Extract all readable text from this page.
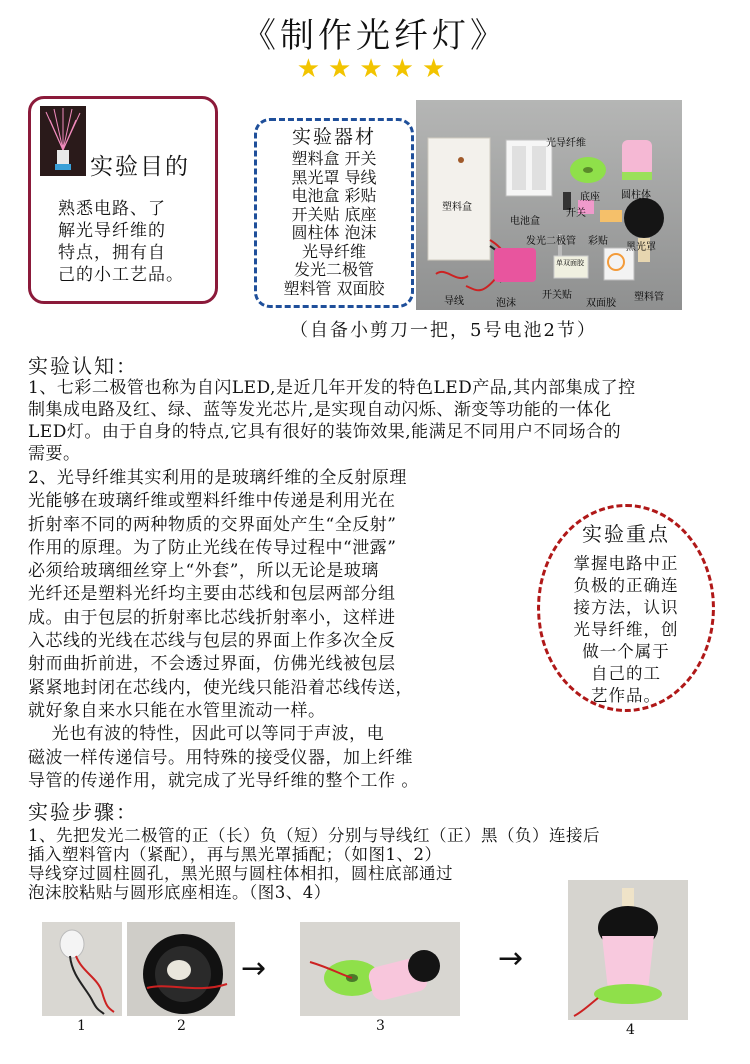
《制作光纤灯》
★★★★★
实验目的
熟悉电路、了
解光导纤维的
特点，拥有自
己的小工艺品。
实验器材
塑料盒 开关
黑光罩 导线
电池盒 彩贴
开关贴 底座
圆柱体 泡沫
光导纤维
发光二极管
塑料管 双面胶
光导纤维
塑料盒
电池盒
开关
底座 圆柱体
发光二极管 彩贴
黑光罩
导线	泡沫
开关贴
双面胶
塑料管
单双面胶
（自备小剪刀一把，5号电池2节）
实验认知：
1、七彩二极管也称为自闪LED,是近几年开发的特色LED产品,其内部集成了控
制集成电路及红、绿、蓝等发光芯片,是实现自动闪烁、渐变等功能的一体化
LED灯。由于自身的特点,它具有很好的装饰效果,能满足不同用户不同场合的
需要。
2、光导纤维其实利用的是玻璃纤维的全反射原理
光能够在玻璃纤维或塑料纤维中传递是利用光在
折射率不同的两种物质的交界面处产生“全反射”
作用的原理。为了防止光线在传导过程中“泄露”
必须给玻璃细丝穿上“外套”，所以无论是玻璃
光纤还是塑料光纤均主要由芯线和包层两部分组
成。由于包层的折射率比芯线折射率小，这样进
入芯线的光线在芯线与包层的界面上作多次全反
射而曲折前进，不会透过界面，仿佛光线被包层
紧紧地封闭在芯线内，使光线只能沿着芯线传送，
就好象自来水只能在水管里流动一样。
光也有波的特性，因此可以等同于声波，电
磁波一样传递信号。用特殊的接受仪器，加上纤维
导管的传递作用，就完成了光导纤维的整个工作 。
实验重点
掌握电路中正
负极的正确连
接方法，认识
光导纤维，创
做一个属于
自己的工
艺作品。
实验步骤：
1、先把发光二极管的正（长）负（短）分别与导线红（正）黑（负）连接后
插入塑料管内（紧配），再与黑光罩插配；（如图1、2）
导线穿过圆柱圆孔，黑光照与圆柱体相扣，圆柱底部通过
泡沫胶粘贴与圆形底座相连。（图3、4）
1	2
→
3
→
4
